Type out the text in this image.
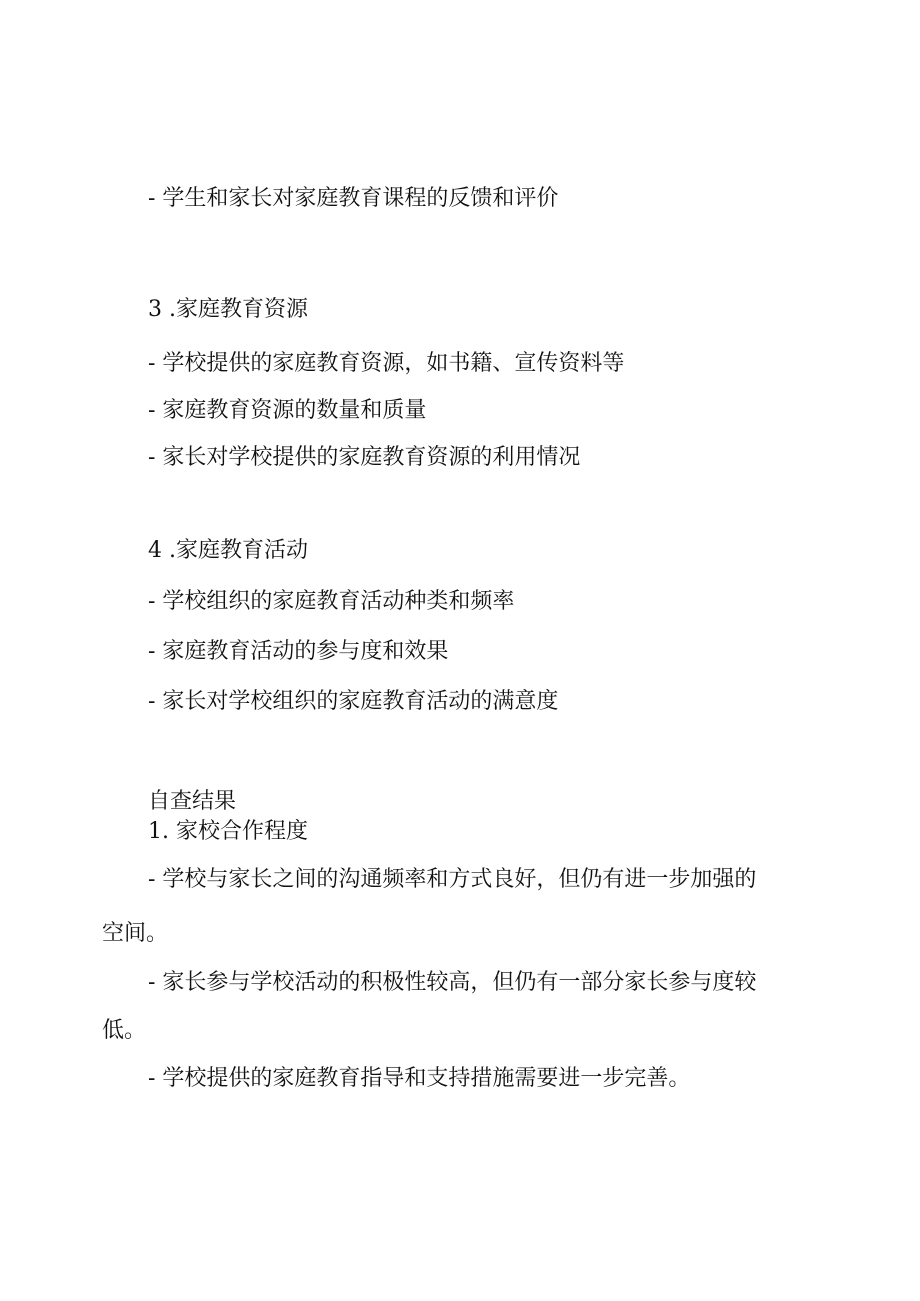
- 学生和家长对家庭教育课程的反馈和评价
3 .家庭教育资源
- 学校提供的家庭教育资源，如书籍、宣传资料等
- 家庭教育资源的数量和质量
- 家长对学校提供的家庭教育资源的利用情况
4 .家庭教育活动
- 学校组织的家庭教育活动种类和频率
- 家庭教育活动的参与度和效果
- 家长对学校组织的家庭教育活动的满意度
自查结果
1. 家校合作程度
- 学校与家长之间的沟通频率和方式良好，但仍有进一步加强的
空间。
- 家长参与学校活动的积极性较高，但仍有一部分家长参与度较
低。
- 学校提供的家庭教育指导和支持措施需要进一步完善。
